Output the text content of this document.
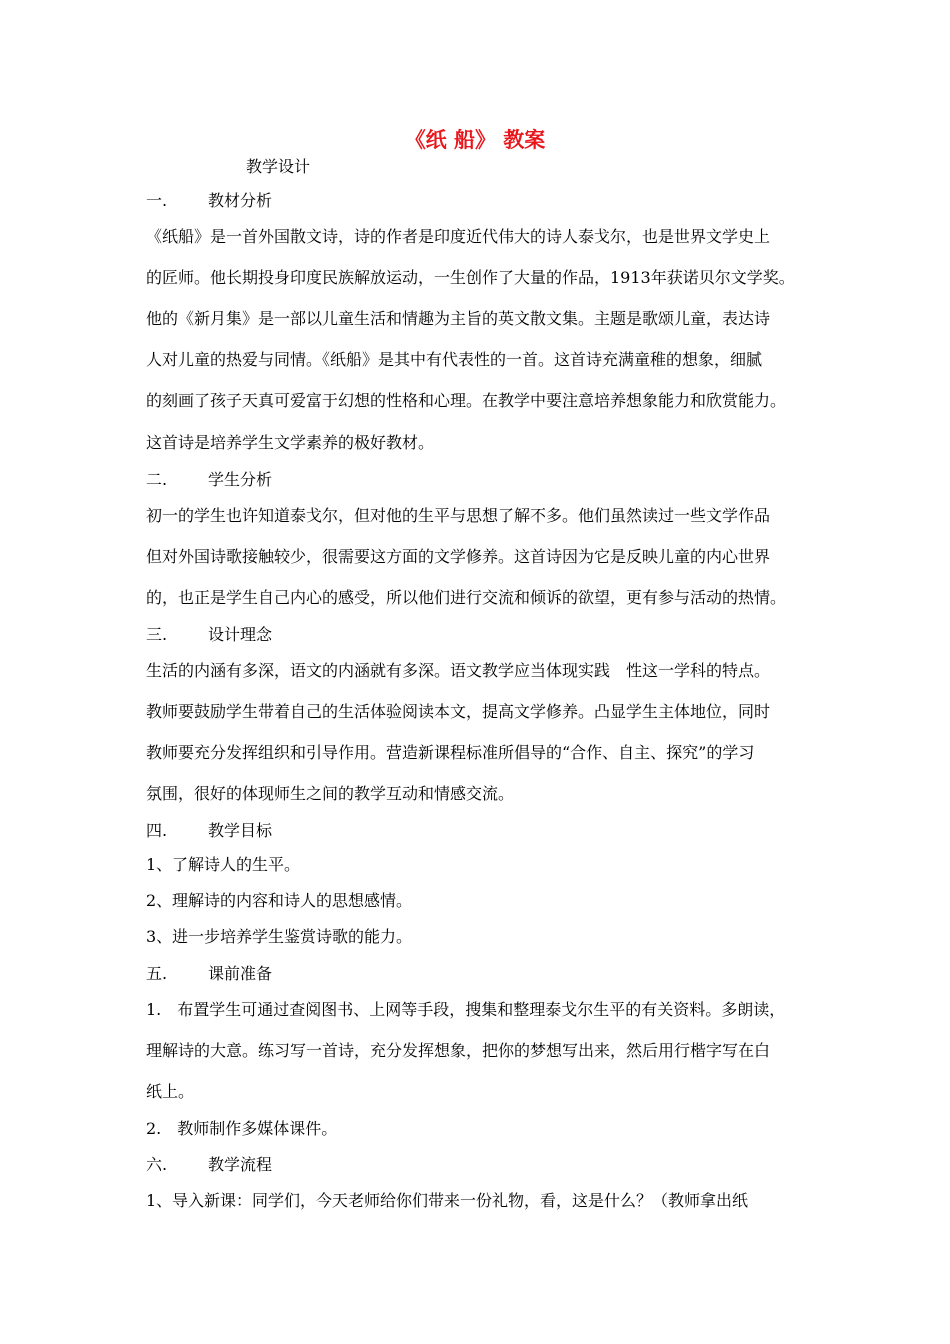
《纸 船》 教案
教学设计
一.	教材分析
《纸船》是一首外国散文诗，诗的作者是印度近代伟大的诗人泰戈尔，也是世界文学史上
的匠师。他长期投身印度民族解放运动，一生创作了大量的作品，1913年获诺贝尔文学奖。
他的《新月集》是一部以儿童生活和情趣为主旨的英文散文集。主题是歌颂儿童，表达诗
人对儿童的热爱与同情。《纸船》是其中有代表性的一首。这首诗充满童稚的想象，细腻
的刻画了孩子天真可爱富于幻想的性格和心理。在教学中要注意培养想象能力和欣赏能力。
这首诗是培养学生文学素养的极好教材。
二.	学生分析
初一的学生也许知道泰戈尔，但对他的生平与思想了解不多。他们虽然读过一些文学作品
但对外国诗歌接触较少，很需要这方面的文学修养。这首诗因为它是反映儿童的内心世界
的，也正是学生自己内心的感受，所以他们进行交流和倾诉的欲望，更有参与活动的热情。
三.	设计理念
生活的内涵有多深，语文的内涵就有多深。语文教学应当体现实践　性这一学科的特点。
教师要鼓励学生带着自己的生活体验阅读本文，提高文学修养。凸显学生主体地位，同时
教师要充分发挥组织和引导作用。营造新课程标准所倡导的“合作、自主、探究”的学习
氛围，很好的体现师生之间的教学互动和情感交流。
四.	教学目标
1、了解诗人的生平。
2、理解诗的内容和诗人的思想感情。
3、进一步培养学生鉴赏诗歌的能力。
五.	课前准备
1.　布置学生可通过查阅图书、上网等手段，搜集和整理泰戈尔生平的有关资料。多朗读，
理解诗的大意。练习写一首诗，充分发挥想象，把你的梦想写出来，然后用行楷字写在白
纸上。
2.　教师制作多媒体课件。
六.	教学流程
1、导入新课：同学们，今天老师给你们带来一份礼物，看，这是什么？（教师拿出纸
